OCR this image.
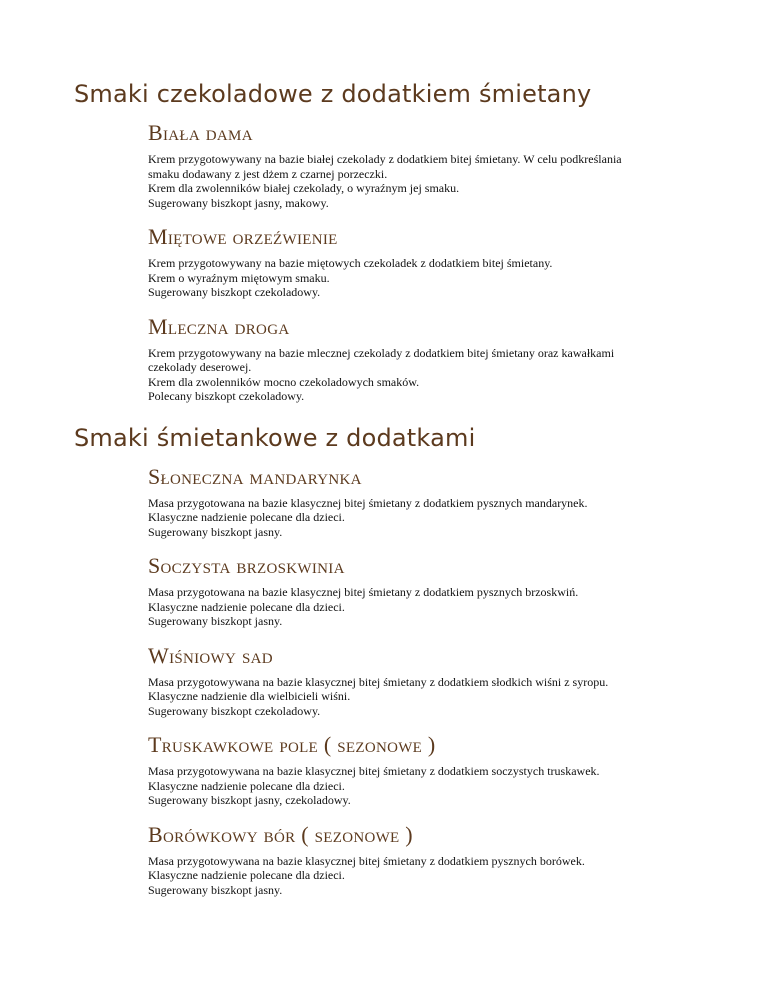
Smaki czekoladowe z dodatkiem śmietany
Biała dama

Krem przygotowywany na bazie białej czekolady z dodatkiem bitej śmietany. W celu podkreślania
smaku dodawany z jest dżem z czarnej porzeczki.
Krem dla zwolenników białej czekolady, o wyraźnym jej smaku.
Sugerowany biszkopt jasny, makowy.

Miętowe orzeźwienie

Krem przygotowywany na bazie miętowych czekoladek z dodatkiem bitej śmietany.
Krem o wyraźnym miętowym smaku.
Sugerowany biszkopt czekoladowy.

Mleczna droga

Krem przygotowywany na bazie mlecznej czekolady z dodatkiem bitej śmietany oraz kawałkami
czekolady deserowej.
Krem dla zwolenników mocno czekoladowych smaków.
Polecany biszkopt czekoladowy.

Smaki śmietankowe z dodatkami
Słoneczna mandarynka

Masa przygotowana na bazie klasycznej bitej śmietany z dodatkiem pysznych mandarynek.
Klasyczne nadzienie polecane dla dzieci.
Sugerowany biszkopt jasny.

Soczysta brzoskwinia

Masa przygotowana na bazie klasycznej bitej śmietany z dodatkiem pysznych brzoskwiń.
Klasyczne nadzienie polecane dla dzieci.
Sugerowany biszkopt jasny.

Wiśniowy sad

Masa przygotowywana na bazie klasycznej bitej śmietany z dodatkiem słodkich wiśni z syropu.
Klasyczne nadzienie dla wielbicieli wiśni.
Sugerowany biszkopt czekoladowy.

Truskawkowe pole ( sezonowe )

Masa przygotowywana na bazie klasycznej bitej śmietany z dodatkiem soczystych truskawek.
Klasyczne nadzienie polecane dla dzieci.
Sugerowany biszkopt jasny, czekoladowy.

Borówkowy bór ( sezonowe )

Masa przygotowywana na bazie klasycznej bitej śmietany z dodatkiem pysznych borówek.
Klasyczne nadzienie polecane dla dzieci.
Sugerowany biszkopt jasny.
